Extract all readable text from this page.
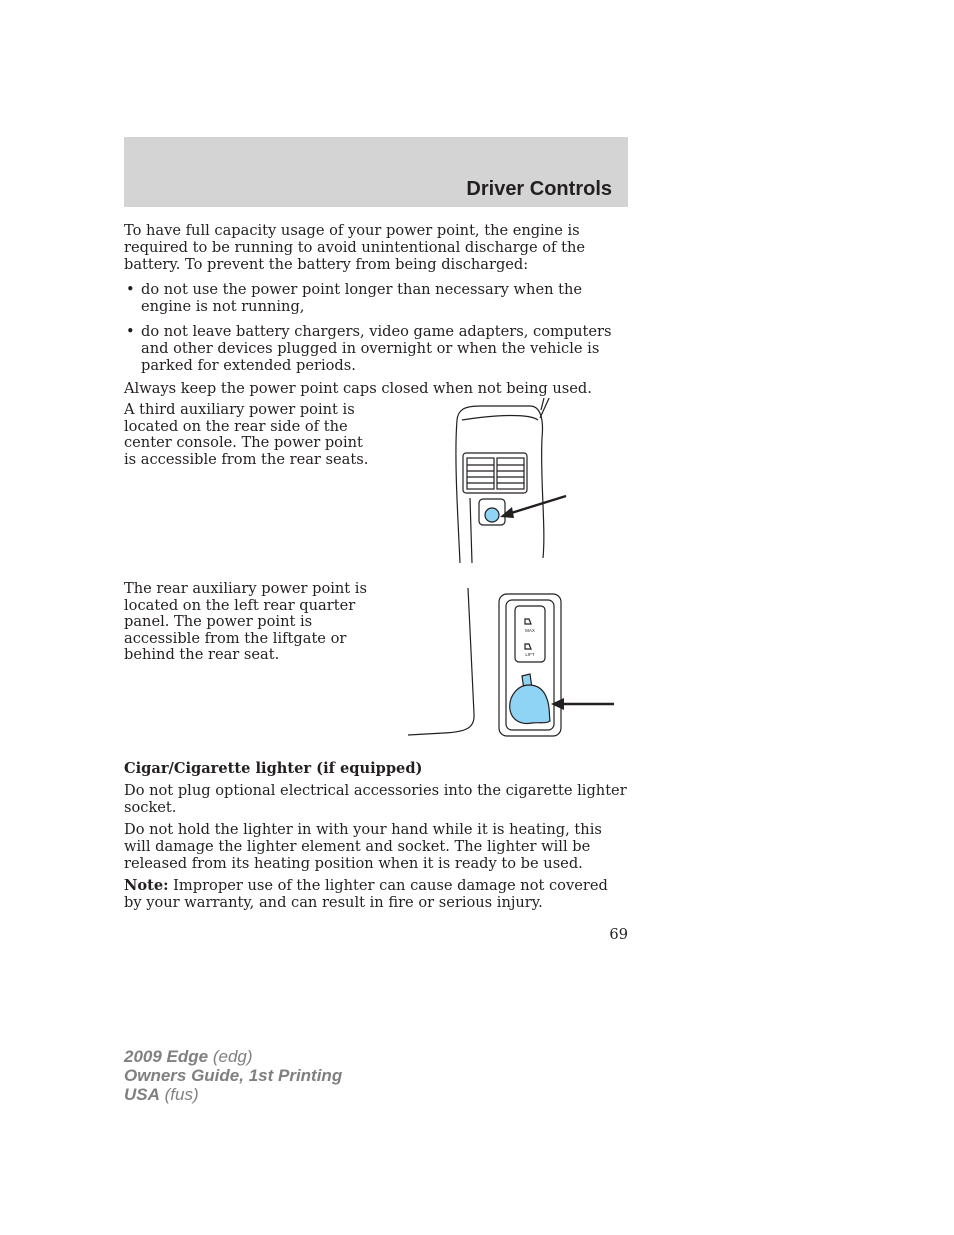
Driver Controls
To have full capacity usage of your power point, the engine is required to be running to avoid unintentional discharge of the battery. To prevent the battery from being discharged:
• do not use the power point longer than necessary when the engine is not running,
• do not leave battery chargers, video game adapters, computers and other devices plugged in overnight or when the vehicle is parked for extended periods.
Always keep the power point caps closed when not being used.
A third auxiliary power point is located on the rear side of the center console. The power point is accessible from the rear seats.
The rear auxiliary power point is located on the left rear quarter panel. The power point is accessible from the liftgate or behind the rear seat.
MAX
LIFT
Cigar/Cigarette lighter (if equipped)
Do not plug optional electrical accessories into the cigarette lighter socket.
Do not hold the lighter in with your hand while it is heating, this will damage the lighter element and socket. The lighter will be released from its heating position when it is ready to be used.
Note: Improper use of the lighter can cause damage not covered by your warranty, and can result in fire or serious injury.
69
2009 Edge (edg)
Owners Guide, 1st Printing
USA (fus)
